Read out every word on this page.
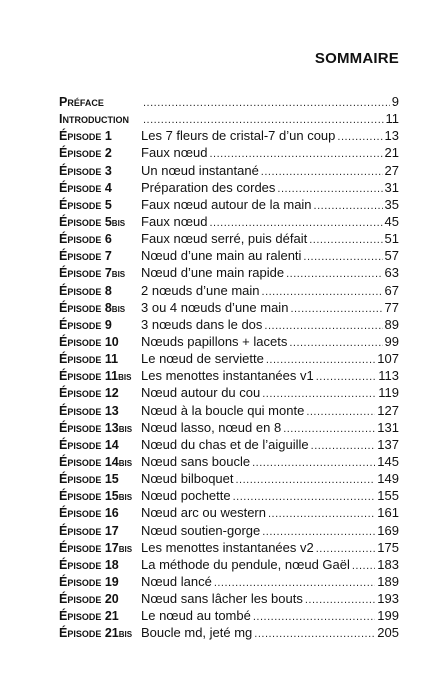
SOMMAIRE
Préface .....	9
Introduction .....	11
Épisode 1	Les 7 fleurs de cristal-7 d’un coup .....	13
Épisode 2	Faux nœud .....	21
Épisode 3	Un nœud instantané .....	27
Épisode 4	Préparation des cordes .....	31
Épisode 5	Faux nœud autour de la main .....	35
Épisode 5bis	Faux nœud .....	45
Épisode 6	Faux nœud serré, puis défait .....	51
Épisode 7	Nœud d’une main au ralenti .....	57
Épisode 7bis	Nœud d’une main rapide .....	63
Épisode 8	2 nœuds d’une main .....	67
Épisode 8bis	3 ou 4 nœuds d’une main .....	77
Épisode 9	3 nœuds dans le dos .....	89
Épisode 10	Nœuds papillons + lacets .....	99
Épisode 11	Le nœud de serviette .....	107
Épisode 11bis Les menottes instantanées v1 .....	113
Épisode 12	Nœud autour du cou .....	119
Épisode 13	Nœud à la boucle qui monte .....	127
Épisode 13bis Nœud lasso, nœud en 8 .....	131
Épisode 14	Nœud du chas et de l’aiguille .....	137
Épisode 14bis Nœud sans boucle .....	145
Épisode 15	Nœud bilboquet .....	149
Épisode 15bis Nœud pochette .....	155
Épisode 16	Nœud arc ou western .....	161
Épisode 17	Nœud soutien-gorge .....	169
Épisode 17bis Les menottes instantanées v2 .....	175
Épisode 18	La méthode du pendule, nœud Gaël ..... 183
Épisode 19	Nœud lancé .....	189
Épisode 20	Nœud sans lâcher les bouts .....	193
Épisode 21	Le nœud au tombé .....	199
Épisode 21bis Boucle md, jeté mg .....	205
